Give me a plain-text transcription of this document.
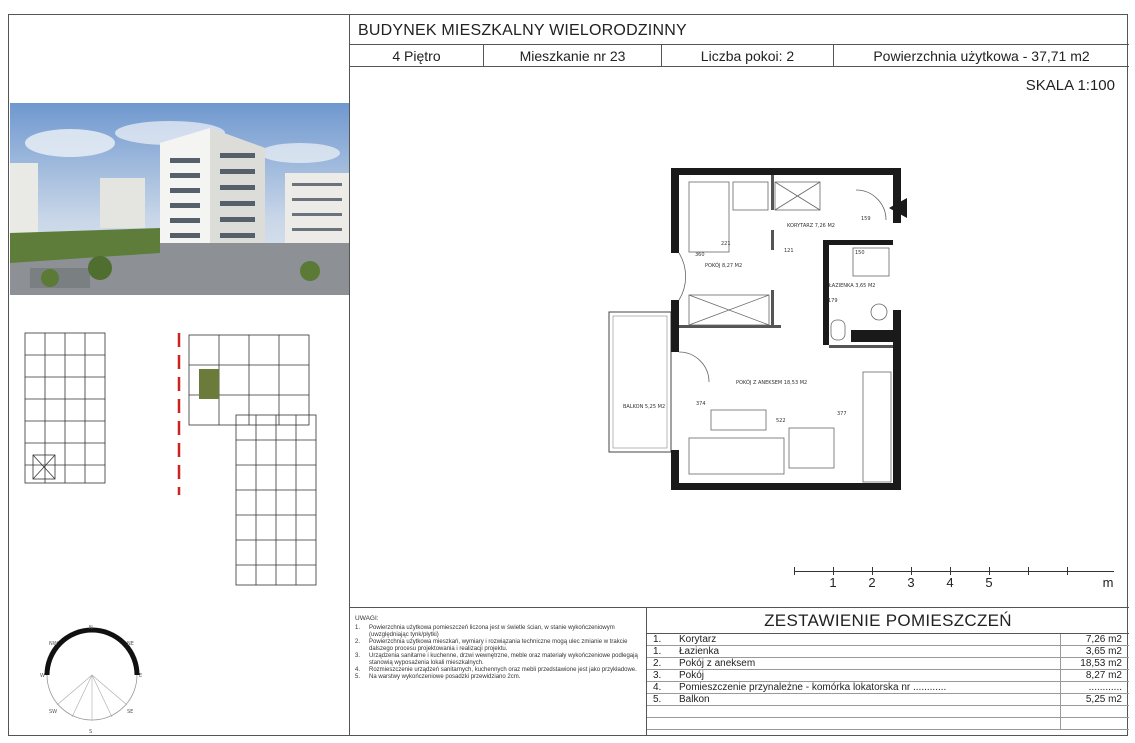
BUDYNEK MIESZKALNY WIELORODZINNY
4 Piętro	Mieszkanie nr 23	Liczba pokoi: 2	Powierzchnia użytkowa - 37,71 m2
SKALA 1:100
KORYTARZ 7,26 M2
POKÓJ 8,27 M2
ŁAZIENKA 3,65 M2
POKÓJ Z ANEKSEM 18,53 M2
BALKON 5,25 M2
221
121
159
360
522
374
377
150
179
1 2 3 4 5	m
UWAGI:
1.	Powierzchnia użytkowa pomieszczeń liczona jest w świetle ścian, w stanie wykończeniowym (uwzględniając tynk/płytki)
2.	Powierzchnia użytkowa mieszkań, wymiary i rozwiązania techniczne mogą ulec zmianie w trakcie dalszego procesu projektowania i realizacji projektu.
3.	Urządzenia sanitarne i kuchenne, drzwi wewnętrzne, meble oraz materiały wykończeniowe podlegają stanowią wyposażenia lokali mieszkalnych.
4.	Rozmieszczenie urządzeń sanitarnych, kuchennych oraz mebli przedstawione jest jako przykładowe.
5.	Na warstwy wykończeniowe posadzki przewidziano 2cm.
ZESTAWIENIE POMIESZCZEŃ
1.	Korytarz	7,26 m2
1.	Łazienka	3,65 m2
2.	Pokój z aneksem	18,53 m2
3.	Pokój	8,27 m2
4.	Pomieszczenie przynależne - komórka lokatorska nr ............	............
5.	Balkon	5,25 m2
N
S
E
W
NW	NE
SW	SE
